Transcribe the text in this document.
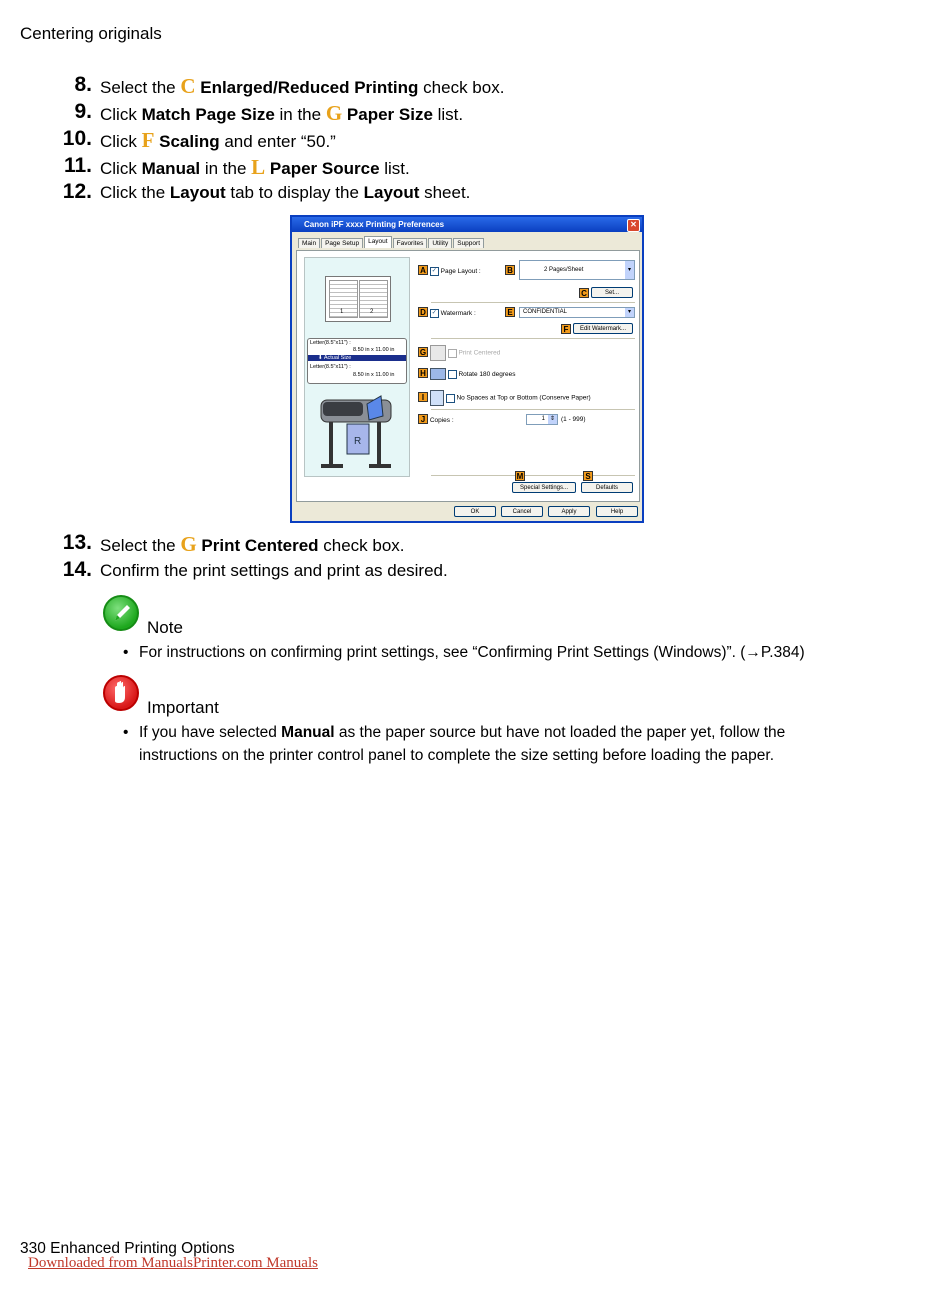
Centering originals
8. Select the C Enlarged/Reduced Printing check box.
9. Click Match Page Size in the G Paper Size list.
10. Click F Scaling and enter “50.”
11. Click Manual in the L Paper Source list.
12. Click the Layout tab to display the Layout sheet.
Canon iPF xxxx Printing Preferences	✕
Main Page Setup Layout Favorites Utility Support
1	2
Letter(8.5"x11") :
8.50 in x 11.00 in
⬇ Actual Size
Letter(8.5"x11") :
8.50 in x 11.00 in
R
A ✓ Page Layout :	B	2 Pages/Sheet	▾
C	Set...
D ✓ Watermark :	E	CONFIDENTIAL	▾
F	Edit Watermark...
G	Print Centered
H	Rotate 180 degrees
I	No Spaces at Top or Bottom (Conserve Paper)
J Copies :	1 ⇕ (1 - 999)
M	S
Special Settings...	Defaults
OK	Cancel	Apply	Help
13. Select the G Print Centered check box.
14. Confirm the print settings and print as desired.
Note
• For instructions on confirming print settings, see “Confirming Print Settings (Windows)”. (→P.384)
Important
• If you have selected Manual as the paper source but have not loaded the paper yet, follow the instructions on the printer control panel to complete the size setting before loading the paper.
330 Enhanced Printing Options
Downloaded from ManualsPrinter.com Manuals
